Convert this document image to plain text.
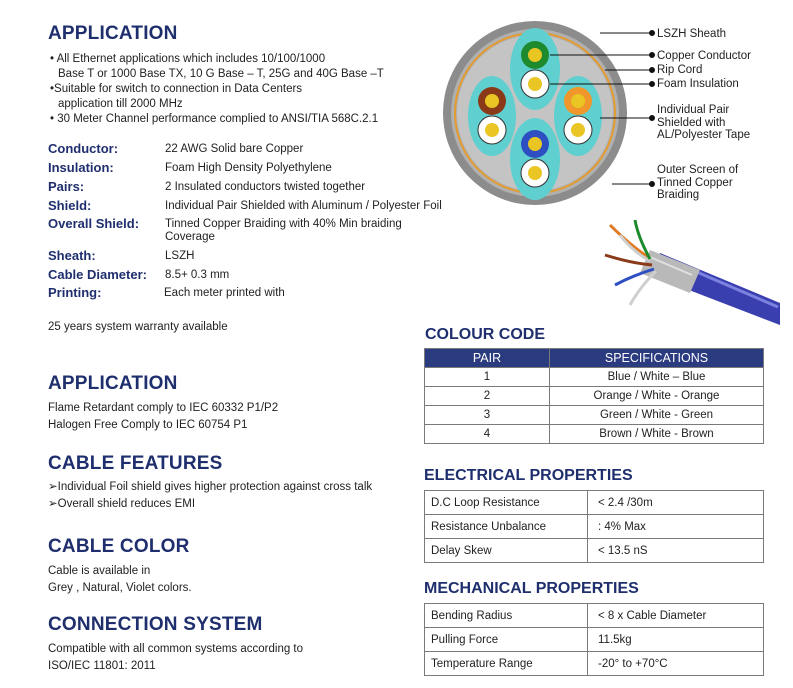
APPLICATION
• All Ethernet applications which includes 10/100/1000
Base T or 1000 Base TX, 10 G Base – T, 25G and 40G Base –T
•Suitable for switch to connection in Data Centers
application till 2000 MHz
• 30 Meter Channel performance complied to ANSI/TIA 568C.2.1
Conductor:	22 AWG Solid bare Copper
Insulation:	Foam High Density Polyethylene
Pairs:	2 Insulated conductors twisted together
Shield:	Individual Pair Shielded with Aluminum / Polyester Foil
Overall Shield: Tinned Copper Braiding with 40% Min braiding
Coverage
Sheath:	LSZH
Cable Diameter: 8.5+ 0.3 mm
Printing:	Each meter printed with
25 years system warranty available
APPLICATION
Flame Retardant comply to IEC 60332 P1/P2
Halogen Free Comply to IEC 60754 P1
CABLE FEATURES
➢Individual Foil shield gives higher protection against cross talk
➢Overall shield reduces EMI
CABLE COLOR
Cable is available in
Grey , Natural, Violet colors.
CONNECTION SYSTEM
Compatible with all common systems according to
ISO/IEC 11801: 2011
LSZH Sheath
Copper Conductor
Rip Cord
Foam Insulation
Individual Pair
Shielded with
AL/Polyester Tape
Outer Screen of
Tinned Copper
Braiding
COLOUR CODE
PAIR	SPECIFICATIONS
1	Blue / White – Blue
2	Orange / White - Orange
3	Green / White - Green
4	Brown / White - Brown
ELECTRICAL PROPERTIES
D.C Loop Resistance	< 2.4 /30m
Resistance Unbalance	: 4% Max
Delay Skew	< 13.5 nS
MECHANICAL PROPERTIES
Bending Radius	< 8 x Cable Diameter
Pulling Force	11.5kg
Temperature Range	-20° to +70°C
